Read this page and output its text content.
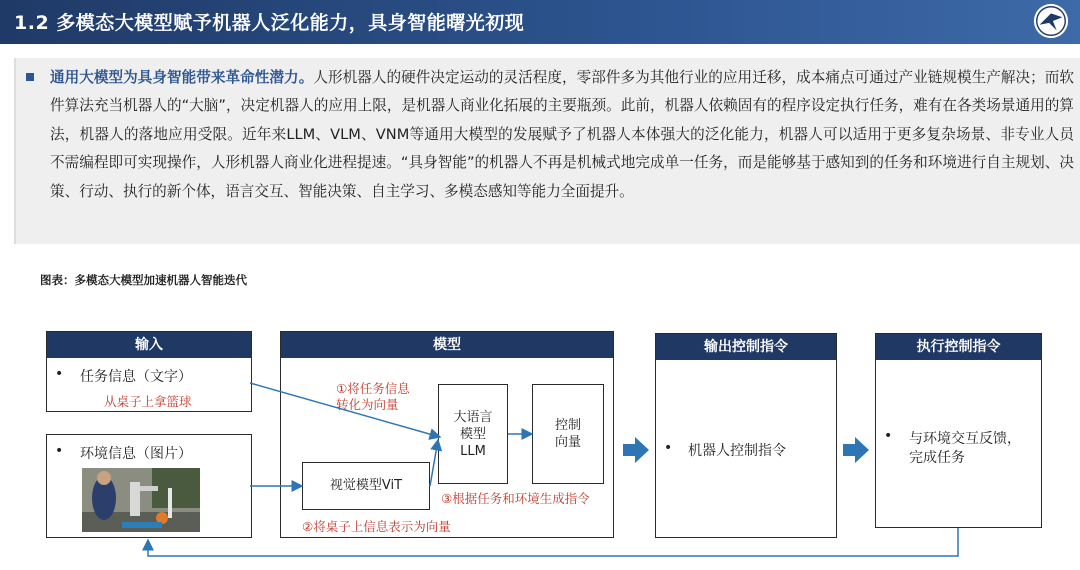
1.2 多模态大模型赋予机器人泛化能力，具身智能曙光初现
通用大模型为具身智能带来革命性潜力。人形机器人的硬件决定运动的灵活程度，零部件多为其他行业的应用迁移，成本痛点可通过产业链规模生产解决；而软件算法充当机器人的“大脑”，决定机器人的应用上限，是机器人商业化拓展的主要瓶颈。此前，机器人依赖固有的程序设定执行任务，难有在各类场景通用的算法，机器人的落地应用受限。近年来LLM、VLM、VNM等通用大模型的发展赋予了机器人本体强大的泛化能力，机器人可以适用于更多复杂场景、非专业人员不需编程即可实现操作，人形机器人商业化进程提速。“具身智能”的机器人不再是机械式地完成单一任务，而是能够基于感知到的任务和环境进行自主规划、决策、行动、执行的新个体，语言交互、智能决策、自主学习、多模态感知等能力全面提升。
图表：多模态大模型加速机器人智能迭代
输入
• 任务信息（文字）
从桌子上拿篮球
• 环境信息（图片）
模型
①将任务信息
转化为向量
大语言
模型
LLM
控制
向量
视觉模型ViT
③根据任务和环境生成指令
②将桌子上信息表示为向量
输出控制指令
• 机器人控制指令
执行控制指令
• 与环境交互反馈，
完成任务
